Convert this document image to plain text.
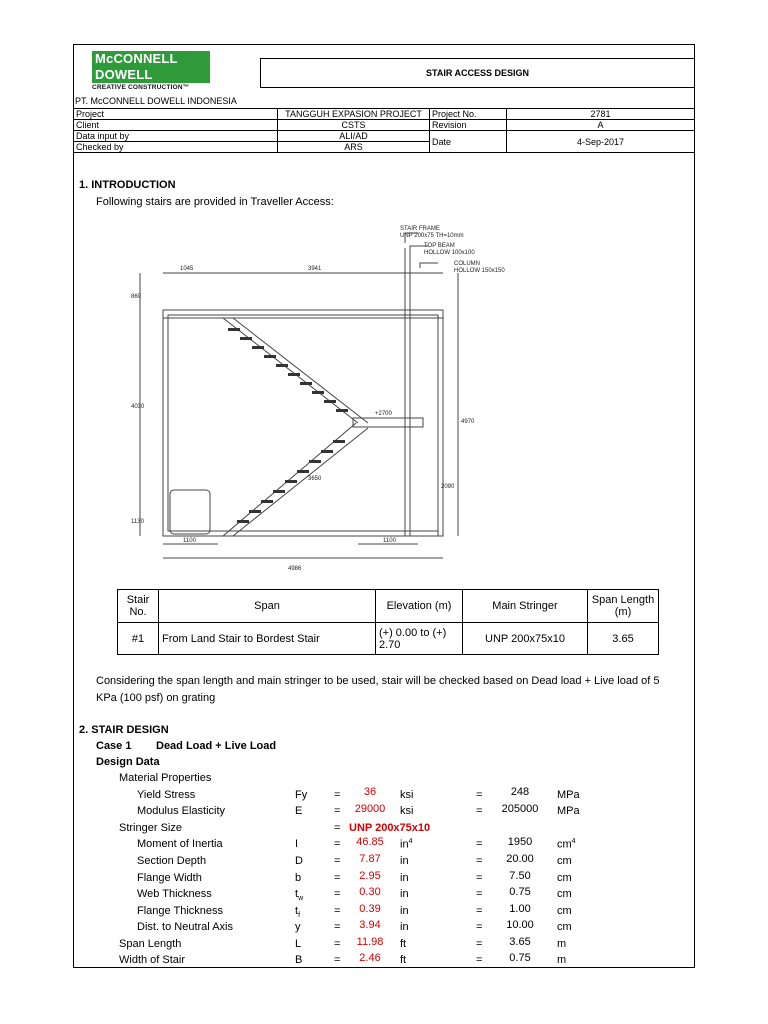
McCONNELL
DOWELL
CREATIVE CONSTRUCTION™
STAIR ACCESS DESIGN
PT. McCONNELL DOWELL INDONESIA
Project	TANGGUH EXPASION PROJECT	Project No.	2781
Client	CSTS	Revision	A
Data input by	ALI/AD	Date	4-Sep-2017
Checked by	ARS		
1. INTRODUCTION
Following stairs are provided in Traveller Access:
1045	3941
860
4030
1130
4970
2090
1100	1100
4986
3650
+2700
STAIR FRAME
UNP 200x75 TH=10mm
TOP BEAM
HOLLOW 100x100
COLUMN
HOLLOW 150x150
Stair No.	Span	Elevation (m)	Main Stringer	Span Length (m)
#1	From Land Stair to Bordest Stair	(+) 0.00 to (+) 2.70	UNP 200x75x10	3.65
Considering the span length and main stringer to be used, stair will be checked based on Dead load + Live load of 5 KPa (100 psf) on grating
2. STAIR DESIGN
Case 1 Dead Load + Live Load
Design Data
Material Properties
Yield Stress	Fy =	36	ksi	=	248	MPa
Modulus Elasticity	E	=	29000	ksi	=	205000	MPa
Stringer Size	= UNP 200x75x10
Moment of Inertia	I	=	46.85	$in^4$	=	1950	$cm^4$
Section Depth	D	=	7.87	in	=	20.00	cm
Flange Width	b	=	2.95	in	=	7.50	cm
Web Thickness	$t_w$	=	0.30	in	=	0.75	cm
Flange Thickness	$t_f$	=	0.39	in	=	1.00	cm
Dist. to Neutral Axis	y	=	3.94	in	=	10.00	cm
Span Length	L	=	11.98	ft	=	3.65	m
Width of Stair	B	=	2.46	ft	=	0.75	m
